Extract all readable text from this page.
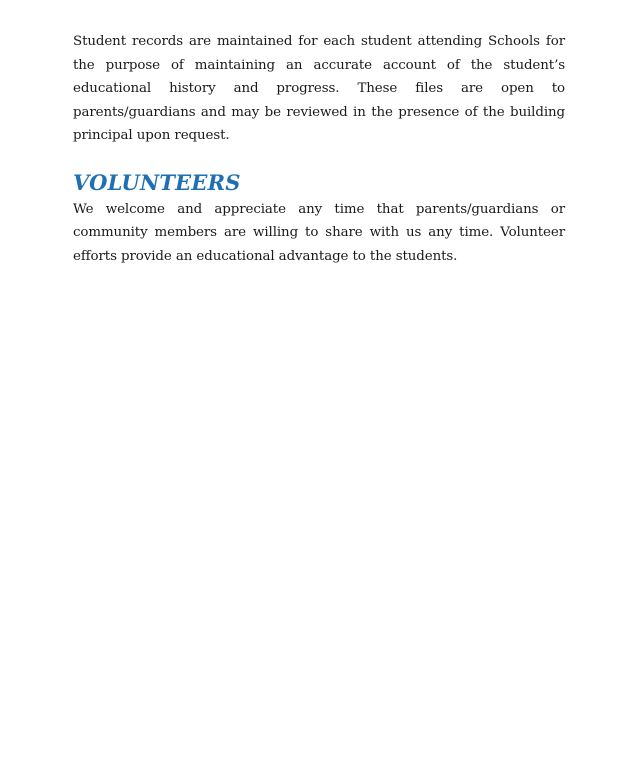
Student records are maintained for each student attending Schools for the purpose of maintaining an accurate account of the student’s educational history and progress. These files are open to parents/guardians and may be reviewed in the presence of the building principal upon request.

VOLUNTEERS

We welcome and appreciate any time that parents/guardians or community members are willing to share with us any time. Volunteer efforts provide an educational advantage to the students.
